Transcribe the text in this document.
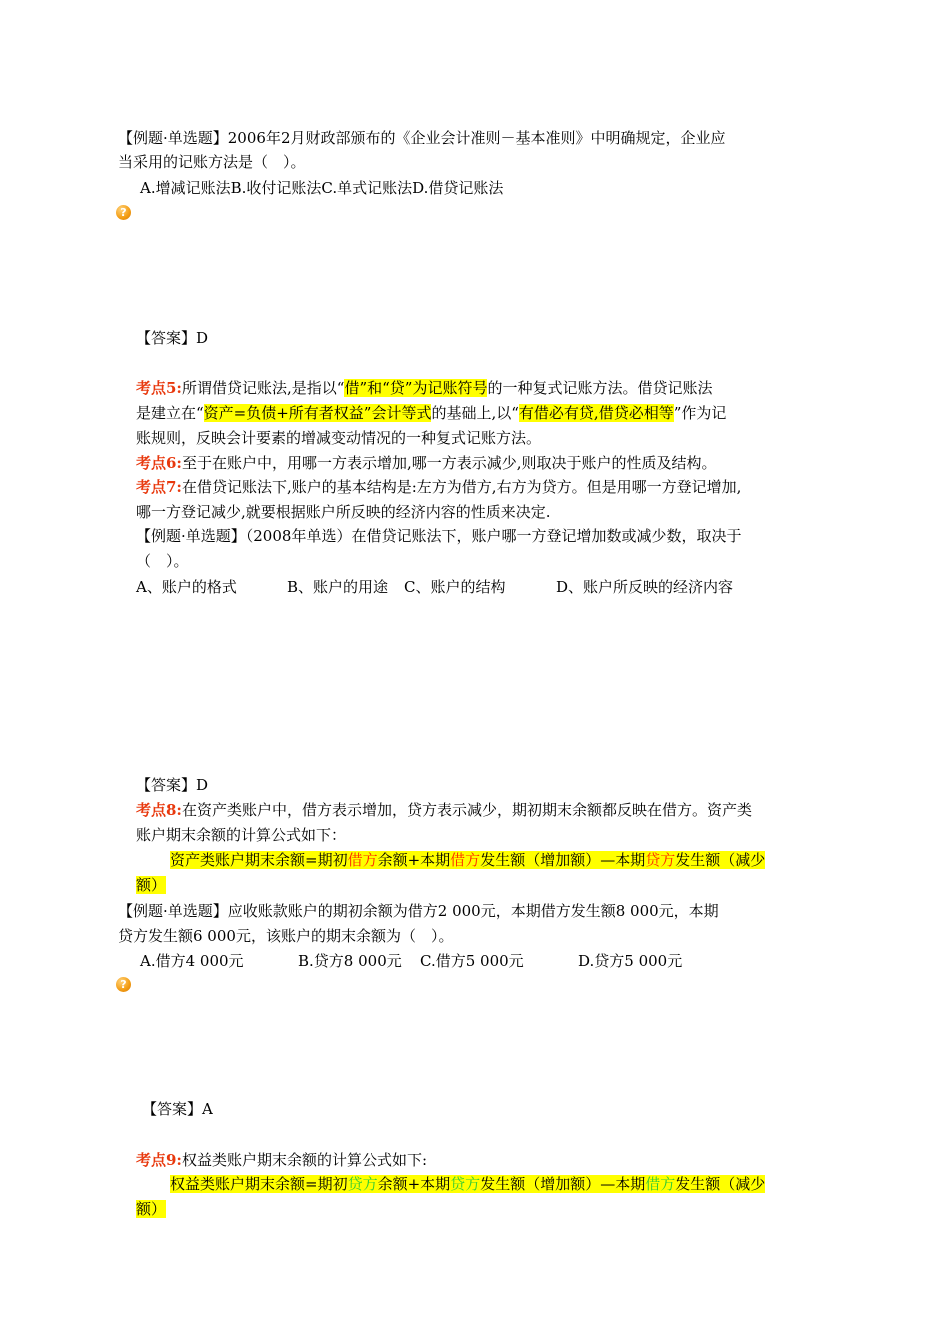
【例题·单选题】2006年2月财政部颁布的《企业会计准则－基本准则》中明确规定，企业应
当采用的记账方法是（　）。
A.增减记账法B.收付记账法C.单式记账法D.借贷记账法
?
【答案】D
考点5:所谓借贷记账法,是指以“借”和“贷”为记账符号的一种复式记账方法。借贷记账法
是建立在“资产=负债+所有者权益”会计等式的基础上,以“有借必有贷,借贷必相等”作为记
账规则，反映会计要素的增减变动情况的一种复式记账方法。
考点6:至于在账户中，用哪一方表示增加,哪一方表示减少,则取决于账户的性质及结构。
考点7:在借贷记账法下,账户的基本结构是:左方为借方,右方为贷方。但是用哪一方登记增加,
哪一方登记减少,就要根据账户所反映的经济内容的性质来决定.
【例题·单选题】（2008年单选）在借贷记账法下，账户哪一方登记增加数或减少数，取决于
（　）。
A、账户的格式	B、账户的用途 C、账户的结构	D、账户所反映的经济内容
【答案】D
考点8:在资产类账户中，借方表示增加，贷方表示减少，期初期末余额都反映在借方。资产类
账户期末余额的计算公式如下：
资产类账户期末余额=期初借方余额+本期借方发生额（增加额）—本期贷方发生额（减少
额）
【例题·单选题】应收账款账户的期初余额为借方2 000元，本期借方发生额8 000元，本期
贷方发生额6 000元，该账户的期末余额为（　）。
A.借方4 000元	B.贷方8 000元 C.借方5 000元	D.贷方5 000元
?
【答案】A
考点9:权益类账户期末余额的计算公式如下:
权益类账户期末余额=期初贷方余额+本期贷方发生额（增加额）—本期借方发生额（减少
额）
